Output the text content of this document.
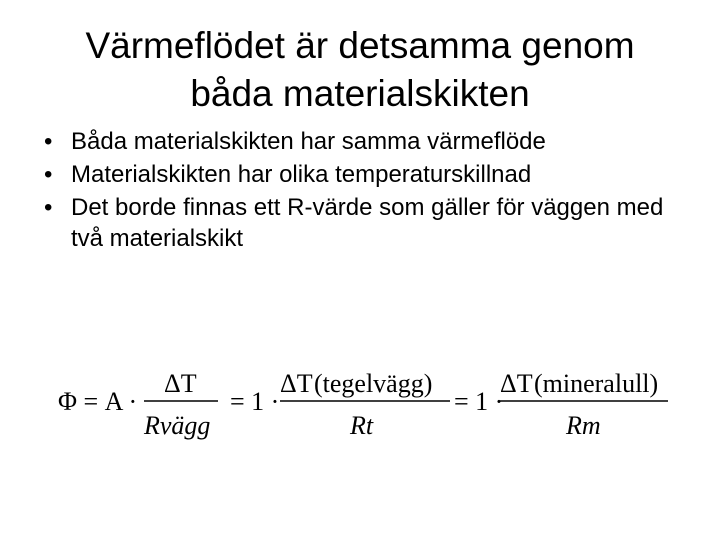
Värmeflödet är detsamma genom
båda materialskikten
• Båda materialskikten har samma värmeflöde
• Materialskikten har olika temperaturskillnad
• Det borde finnas ett R-värde som gäller för väggen med två materialskikt
Φ = A ·
ΔT
Rvägg
= 1 ·
ΔT (tegelvägg)
Rt
= 1 ·
ΔT (mineralull)
Rm
